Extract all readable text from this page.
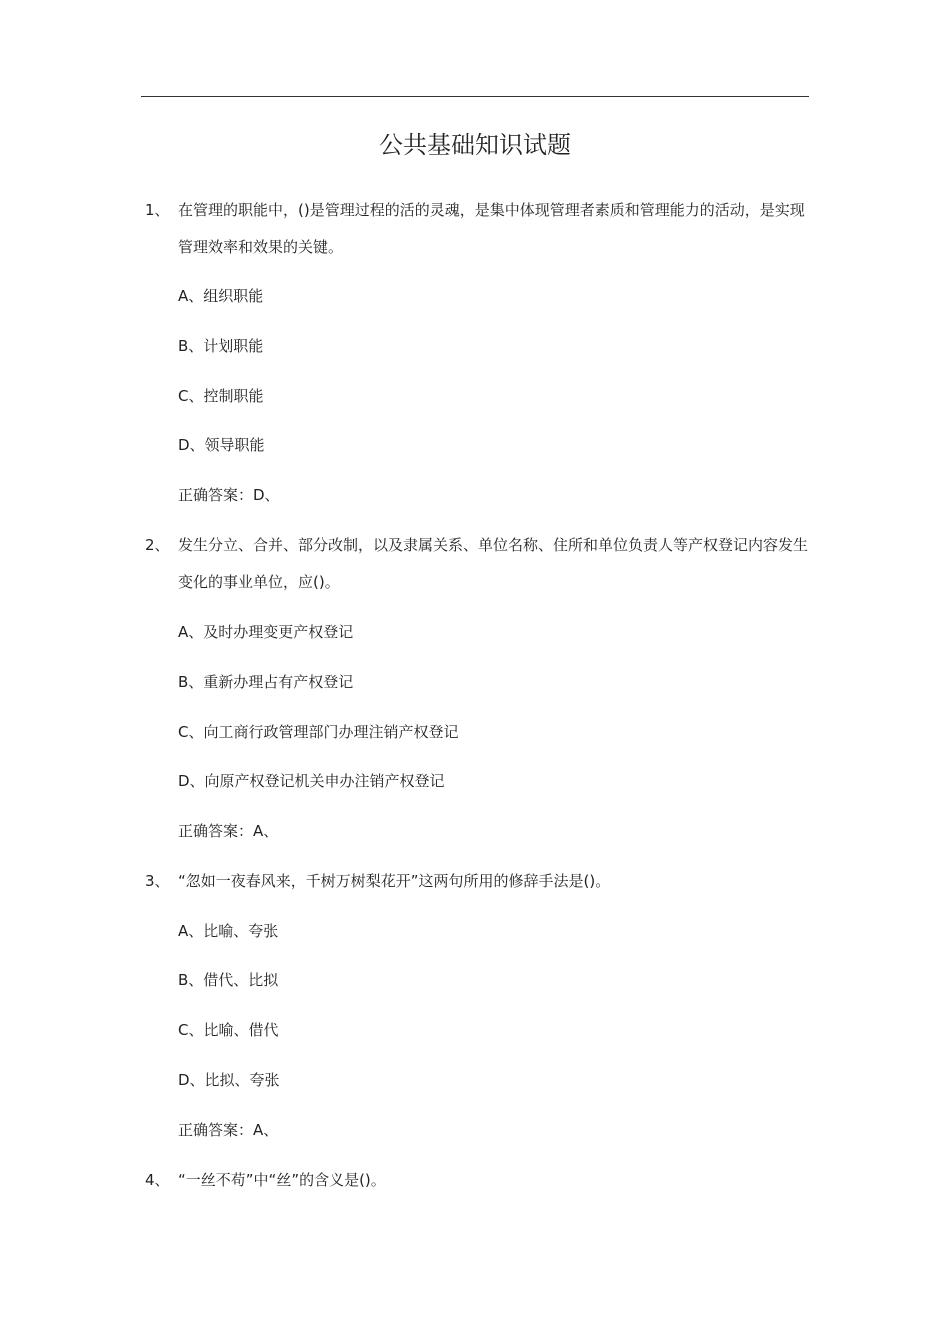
公共基础知识试题
1、 在管理的职能中，()是管理过程的活的灵魂，是集中体现管理者素质和管理能力的活动，是实现管理效率和效果的关键。
A、组织职能
B、计划职能
C、控制职能
D、领导职能
正确答案：D、
2、 发生分立、合并、部分改制，以及隶属关系、单位名称、住所和单位负责人等产权登记内容发生变化的事业单位，应()。
A、及时办理变更产权登记
B、重新办理占有产权登记
C、向工商行政管理部门办理注销产权登记
D、向原产权登记机关申办注销产权登记
正确答案：A、
3、 “忽如一夜春风来，千树万树梨花开”这两句所用的修辞手法是()。
A、比喻、夸张
B、借代、比拟
C、比喻、借代
D、比拟、夸张
正确答案：A、
4、 “一丝不苟”中“丝”的含义是()。
